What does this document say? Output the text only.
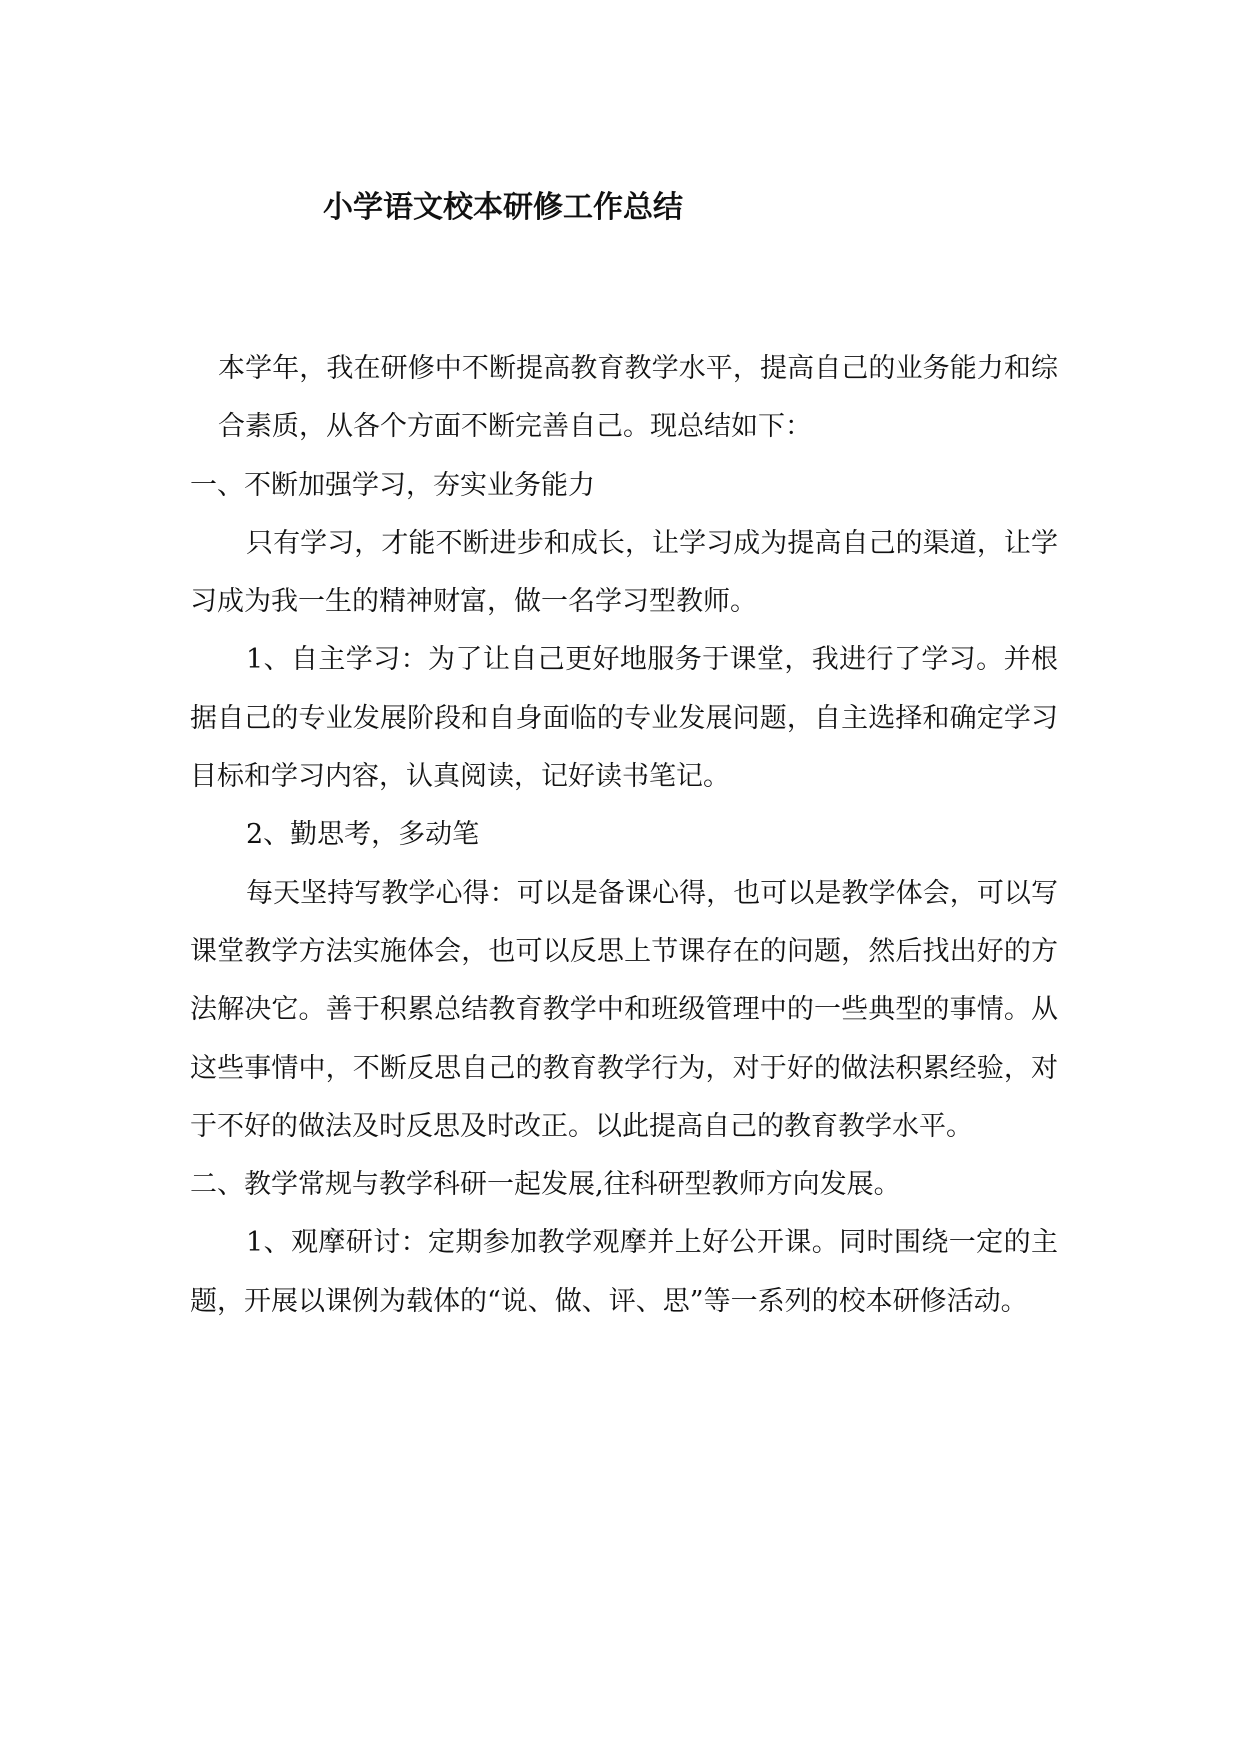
小学语文校本研修工作总结

本学年，我在研修中不断提高教育教学水平，提高自己的业务能力和综合素质，从各个方面不断完善自己。现总结如下：

一、不断加强学习，夯实业务能力

只有学习，才能不断进步和成长，让学习成为提高自己的渠道，让学习成为我一生的精神财富，做一名学习型教师。

1、自主学习：为了让自己更好地服务于课堂，我进行了学习。并根据自己的专业发展阶段和自身面临的专业发展问题，自主选择和确定学习目标和学习内容，认真阅读，记好读书笔记。

2、勤思考，多动笔

每天坚持写教学心得：可以是备课心得，也可以是教学体会，可以写课堂教学方法实施体会，也可以反思上节课存在的问题，然后找出好的方法解决它。善于积累总结教育教学中和班级管理中的一些典型的事情。从这些事情中，不断反思自己的教育教学行为，对于好的做法积累经验，对于不好的做法及时反思及时改正。以此提高自己的教育教学水平。

二、教学常规与教学科研一起发展,往科研型教师方向发展。

1、观摩研讨：定期参加教学观摩并上好公开课。同时围绕一定的主题，开展以课例为载体的“说、做、评、思”等一系列的校本研修活动。
